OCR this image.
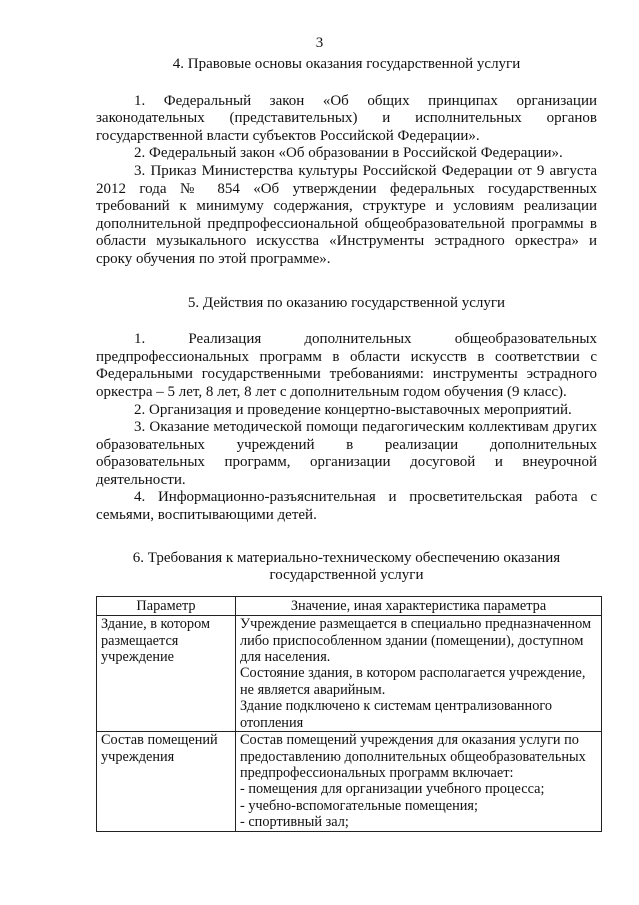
3

4. Правовые основы оказания государственной услуги

1. Федеральный закон «Об общих принципах организации законодательных (представительных) и исполнительных органов государственной власти субъектов Российской Федерации».

2. Федеральный закон «Об образовании в Российской Федерации».

3. Приказ Министерства культуры Российской Федерации от 9 августа 2012 года № 854 «Об утверждении федеральных государственных требований к минимуму содержания, структуре и условиям реализации дополнительной предпрофессиональной общеобразовательной программы в области музыкального искусства «Инструменты эстрадного оркестра» и сроку обучения по этой программе».

5. Действия по оказанию государственной услуги

1. Реализация дополнительных общеобразовательных предпрофессиональных программ в области искусств в соответствии с Федеральными государственными требованиями: инструменты эстрадного оркестра – 5 лет, 8 лет, 8 лет с дополнительным годом обучения (9 класс).

2. Организация и проведение концертно-выставочных мероприятий.

3. Оказание методической помощи педагогическим коллективам других образовательных учреждений в реализации дополнительных образовательных программ, организации досуговой и внеурочной деятельности.

4. Информационно-разъяснительная и просветительская работа с семьями, воспитывающими детей.

6. Требования к материально-техническому обеспечению оказания
государственной услуги
Параметр	Значение, иная характеристика параметра
Здание, в котором размещается учреждение	Учреждение размещается в специально предназначенном либо приспособленном здании (помещении), доступном для населения.
Состояние здания, в котором располагается учреждение, не является аварийным.
Здание подключено к системам централизованного отопления

Состав помещений учреждения	Состав помещений учреждения для оказания услуги по предоставлению дополнительных общеобразовательных предпрофессиональных программ включает:
- помещения для организации учебного процесса;
- учебно-вспомогательные помещения;
- спортивный зал;
